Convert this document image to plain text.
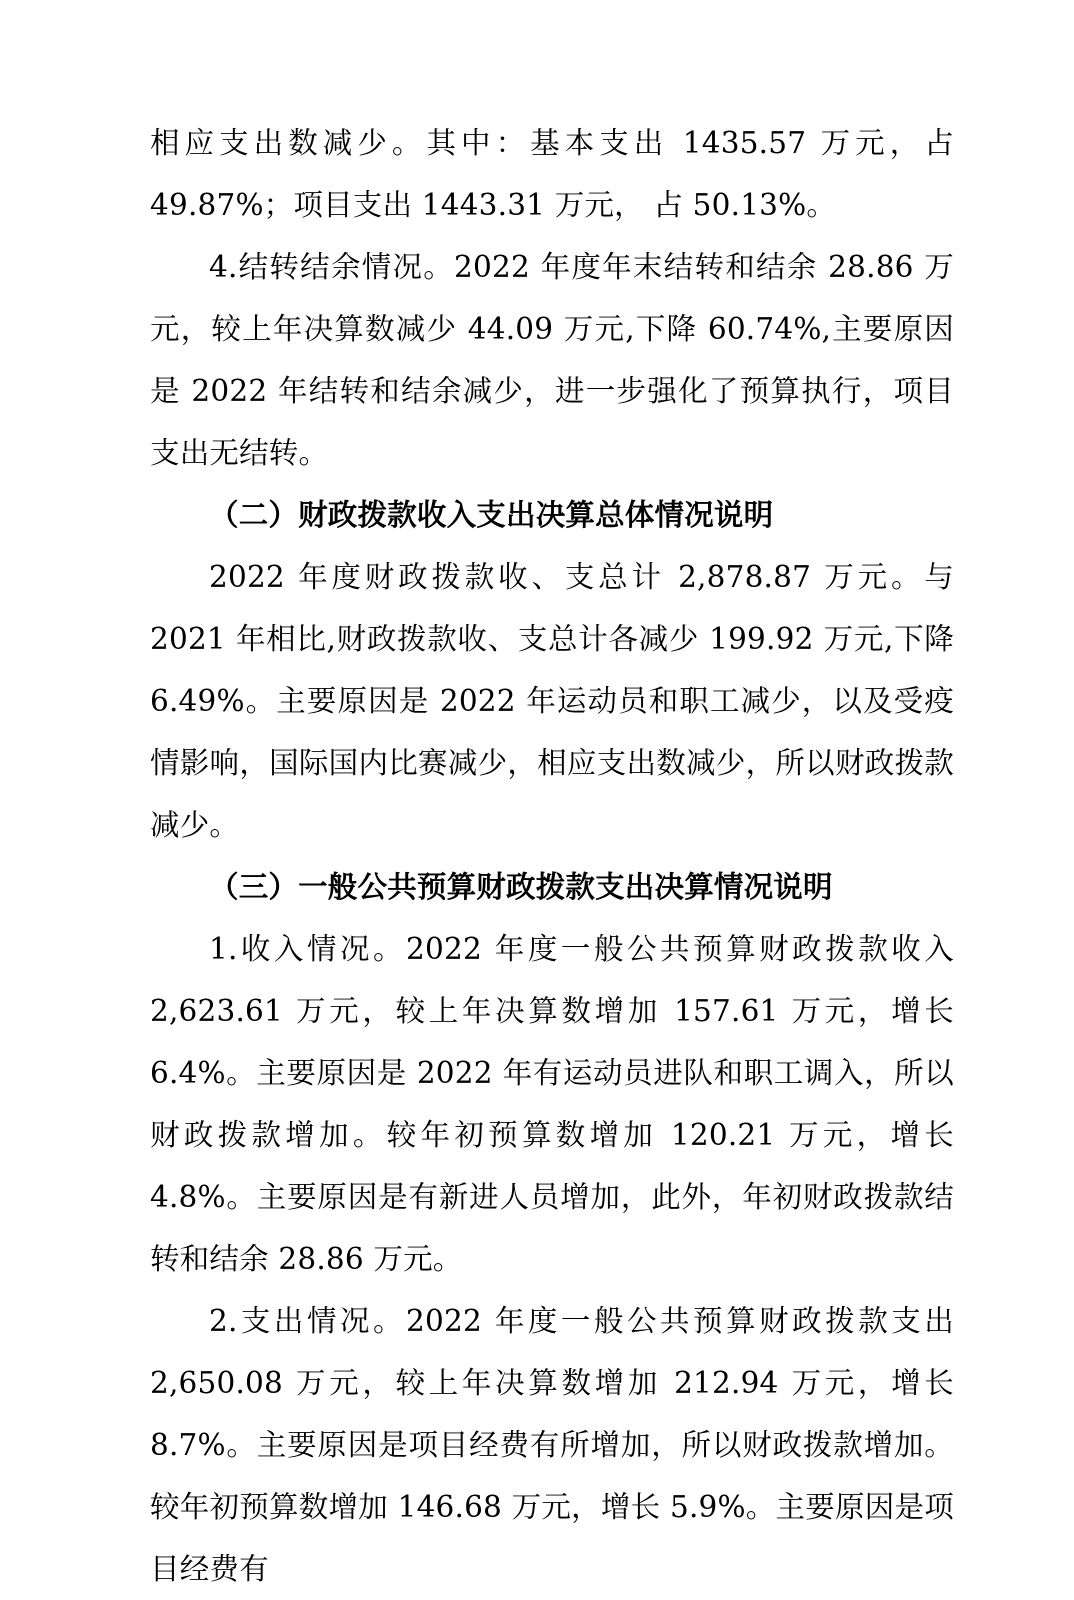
相应支出数减少。其中：基本支出 1435.57 万元，占 49.87%；项目支出 1443.31 万元， 占 50.13%。

4.结转结余情况。2022 年度年末结转和结余 28.86 万元，较上年决算数减少 44.09 万元,下降 60.74%,主要原因是 2022 年结转和结余减少，进一步强化了预算执行，项目支出无结转。

（二）财政拨款收入支出决算总体情况说明

2022 年度财政拨款收、支总计 2,878.87 万元。与 2021 年相比,财政拨款收、支总计各减少 199.92 万元,下降 6.49%。主要原因是 2022 年运动员和职工减少，以及受疫情影响，国际国内比赛减少，相应支出数减少，所以财政拨款减少。

（三）一般公共预算财政拨款支出决算情况说明

1.收入情况。2022 年度一般公共预算财政拨款收入 2,623.61 万元，较上年决算数增加 157.61 万元，增长 6.4%。主要原因是 2022 年有运动员进队和职工调入，所以财政拨款增加。较年初预算数增加 120.21 万元，增长 4.8%。主要原因是有新进人员增加，此外，年初财政拨款结转和结余 28.86 万元。

2.支出情况。2022 年度一般公共预算财政拨款支出 2,650.08 万元，较上年决算数增加 212.94 万元，增长 8.7%。主要原因是项目经费有所增加，所以财政拨款增加。较年初预算数增加 146.68 万元，增长 5.9%。主要原因是项目经费有
